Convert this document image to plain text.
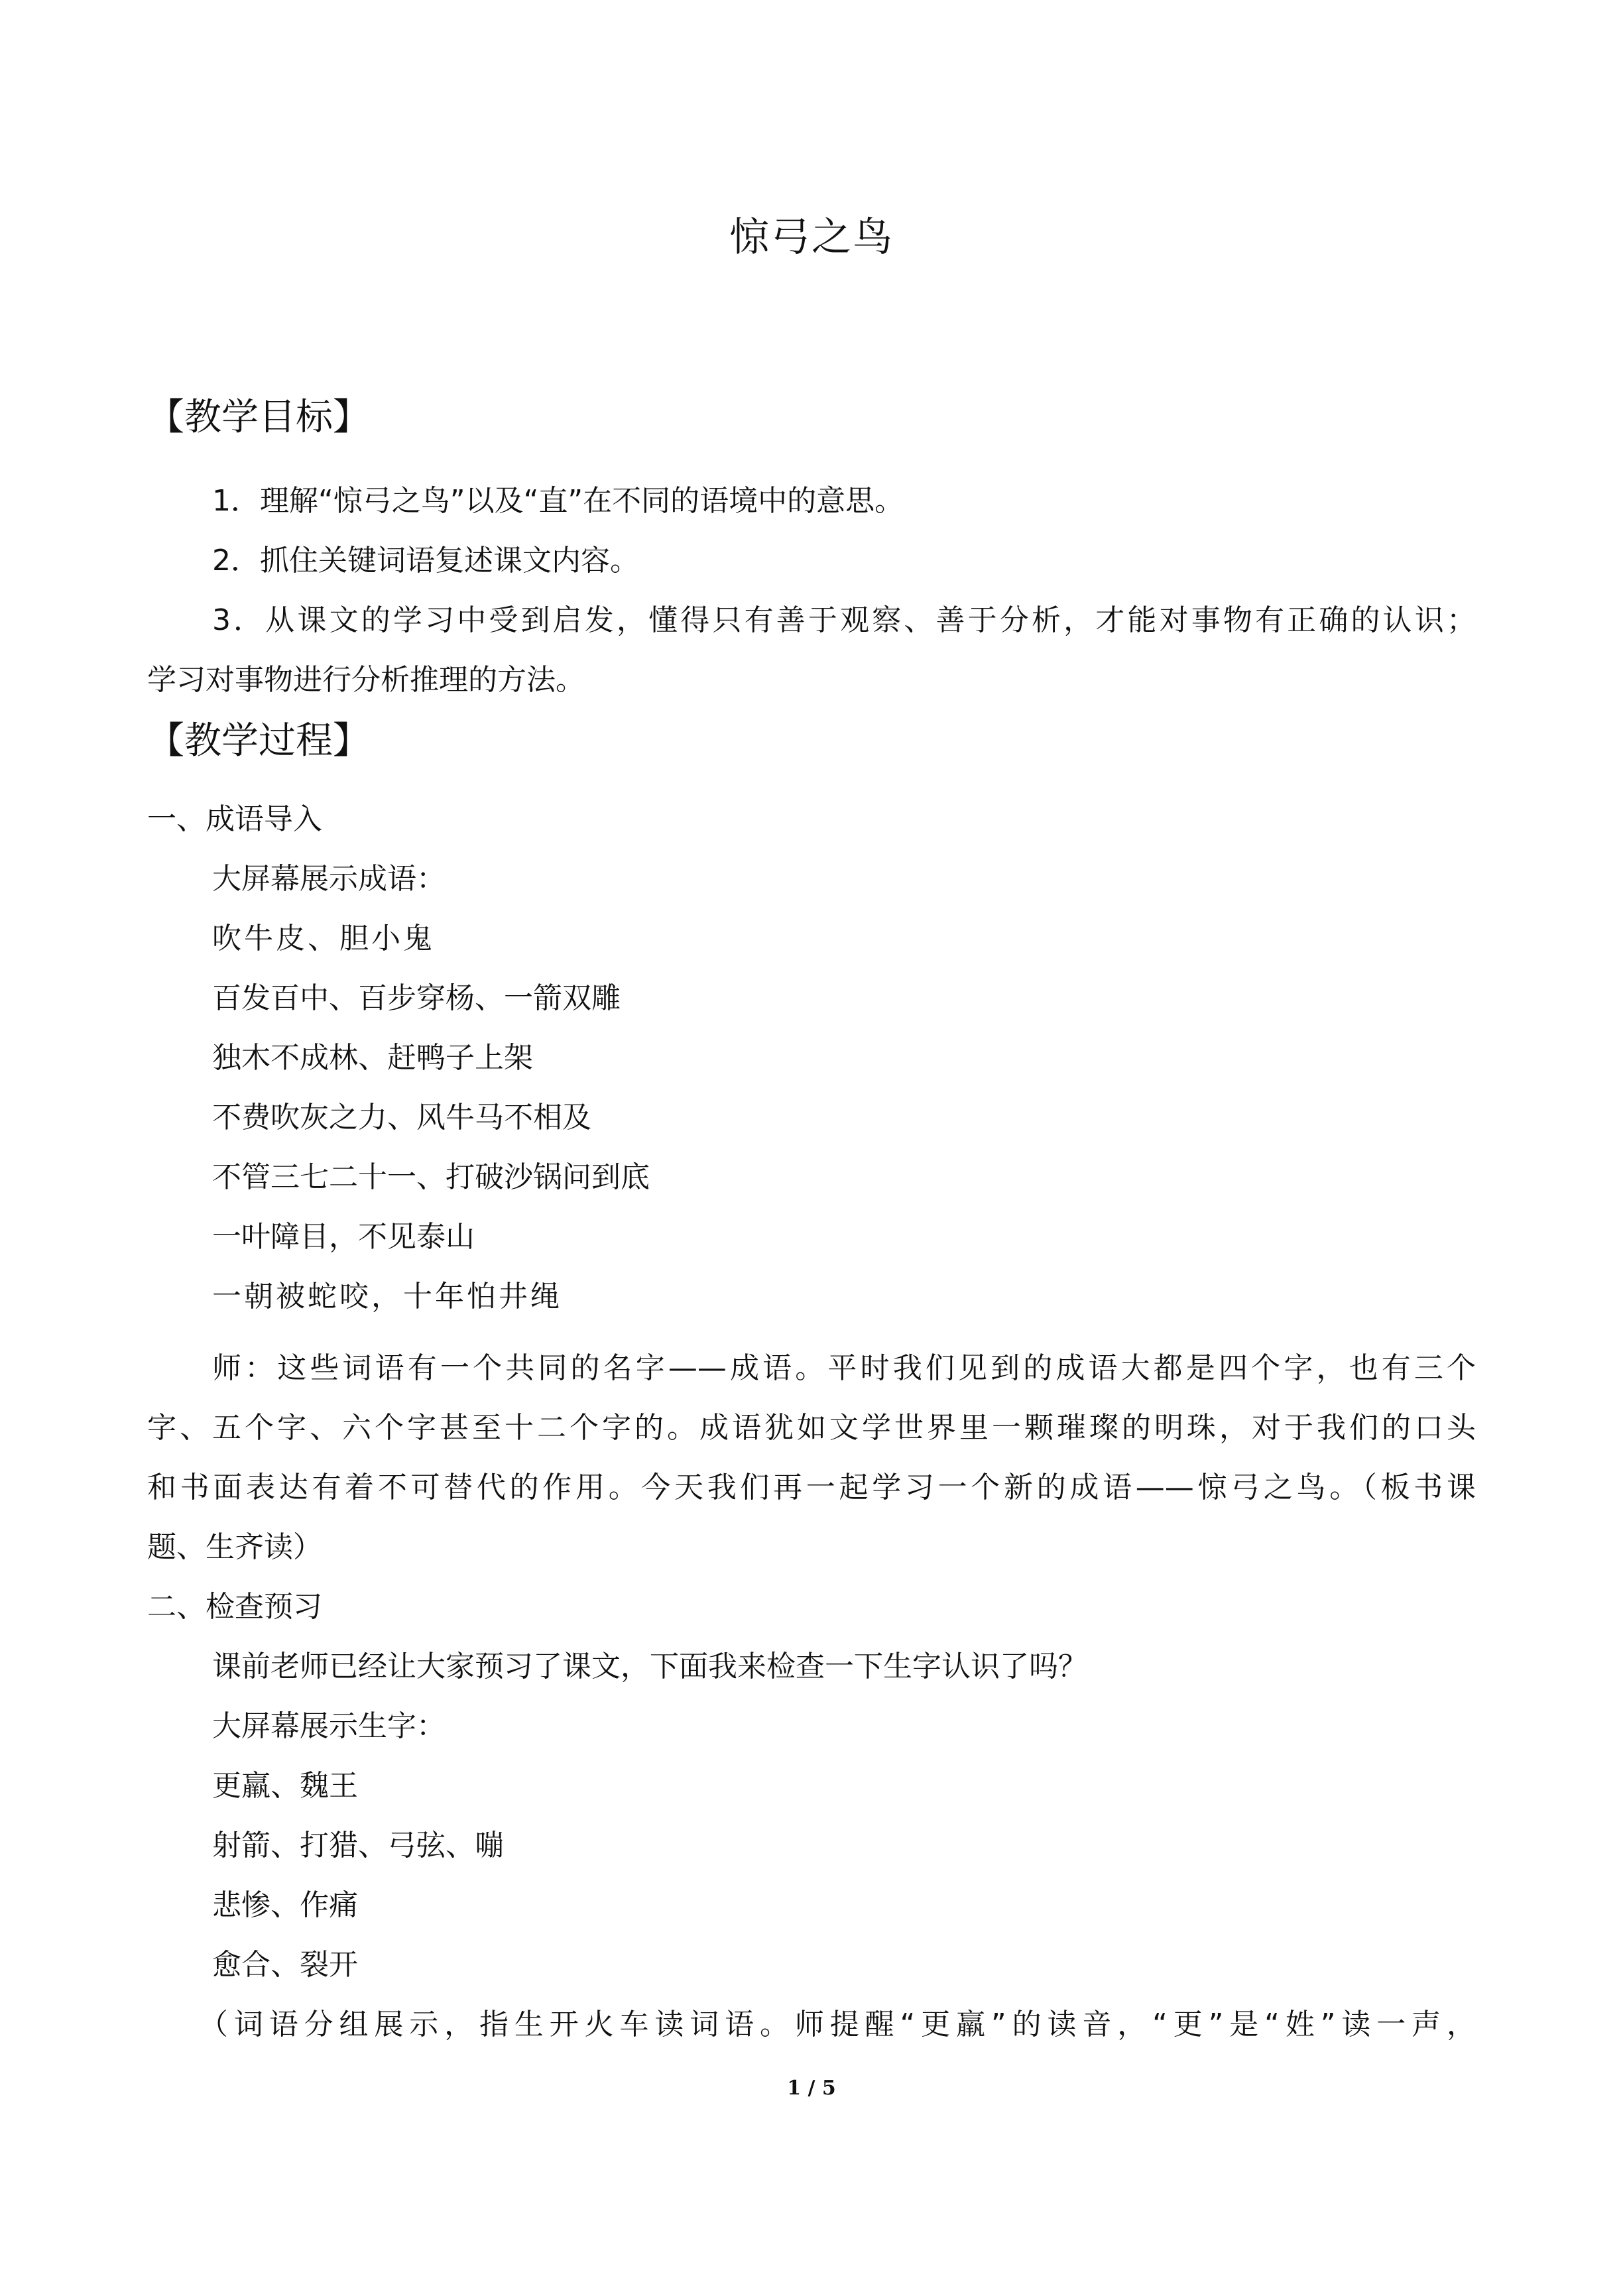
惊弓之鸟
【教学目标】
1．理解“惊弓之鸟”以及“直”在不同的语境中的意思。
2．抓住关键词语复述课文内容。
3．从课文的学习中受到启发，懂得只有善于观察、善于分析，才能对事物有正确的认识；
学习对事物进行分析推理的方法。
【教学过程】
一、成语导入
大屏幕展示成语：
吹牛皮、胆小鬼
百发百中、百步穿杨、一箭双雕
独木不成林、赶鸭子上架
不费吹灰之力、风牛马不相及
不管三七二十一、打破沙锅问到底
一叶障目，不见泰山
一朝被蛇咬，十年怕井绳
师：这些词语有一个共同的名字——成语。平时我们见到的成语大都是四个字，也有三个
字、五个字、六个字甚至十二个字的。成语犹如文学世界里一颗璀璨的明珠，对于我们的口头
和书面表达有着不可替代的作用。今天我们再一起学习一个新的成语——惊弓之鸟。（板书课
题、生齐读）
二、检查预习
课前老师已经让大家预习了课文，下面我来检查一下生字认识了吗？
大屏幕展示生字：
更羸、魏王
射箭、打猎、弓弦、嘣
悲惨、作痛
愈合、裂开
（词语分组展示，指生开火车读词语。师提醒“更羸”的读音，“更”是“姓”读一声，
1 / 5
